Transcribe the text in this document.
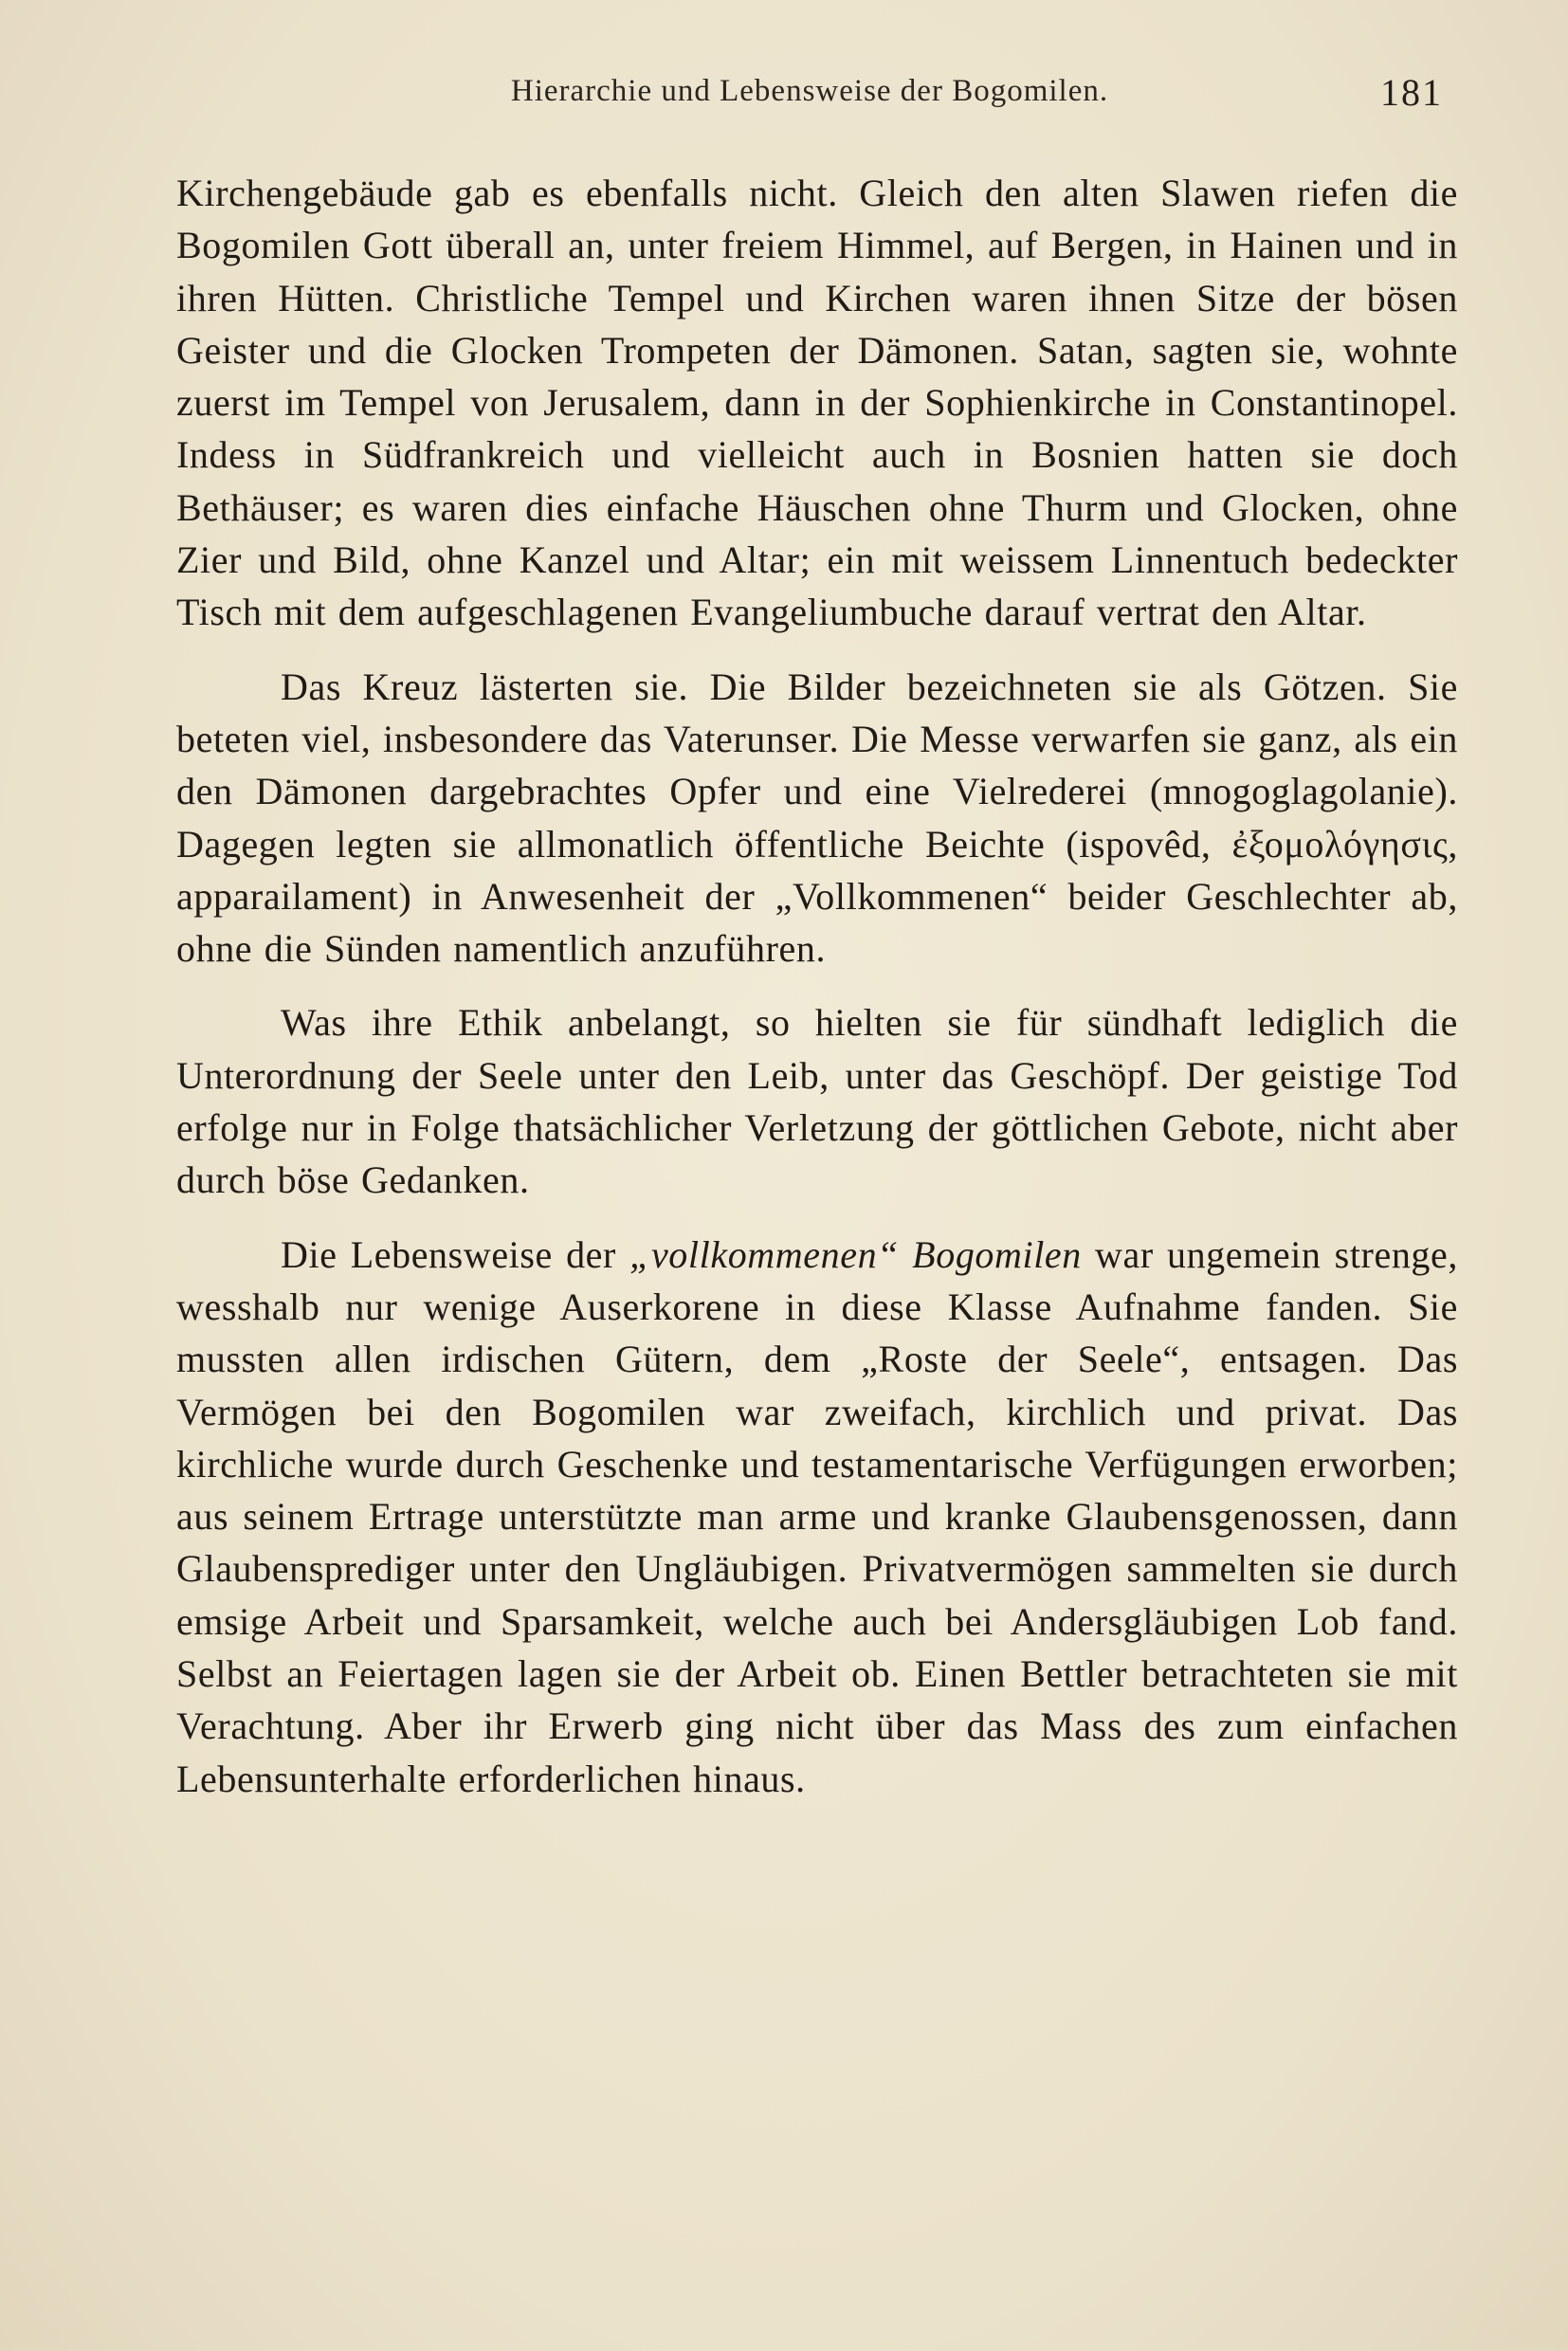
Hierarchie und Lebensweise der Bogomilen.	181

Kirchengebäude gab es ebenfalls nicht. Gleich den alten Slawen riefen die Bogomilen Gott überall an, unter freiem Himmel, auf Bergen, in Hainen und in ihren Hütten. Christliche Tempel und Kirchen waren ihnen Sitze der bösen Geister und die Glocken Trompeten der Dämonen. Satan, sagten sie, wohnte zuerst im Tempel von Jerusalem, dann in der Sophienkirche in Constantinopel. Indess in Südfrankreich und vielleicht auch in Bosnien hatten sie doch Bethäuser; es waren dies einfache Häuschen ohne Thurm und Glocken, ohne Zier und Bild, ohne Kanzel und Altar; ein mit weissem Linnentuch bedeckter Tisch mit dem aufgeschlagenen Evangeliumbuche darauf vertrat den Altar.

Das Kreuz lästerten sie. Die Bilder bezeichneten sie als Götzen. Sie beteten viel, insbesondere das Vaterunser. Die Messe verwarfen sie ganz, als ein den Dämonen dargebrachtes Opfer und eine Vielrederei (mnogoglagolanie). Dagegen legten sie allmonatlich öffentliche Beichte (ispovêd, ἐξομολόγησις, apparailament) in Anwesenheit der „Vollkommenen“ beider Geschlechter ab, ohne die Sünden namentlich anzuführen.

Was ihre Ethik anbelangt, so hielten sie für sündhaft lediglich die Unterordnung der Seele unter den Leib, unter das Geschöpf. Der geistige Tod erfolge nur in Folge thatsächlicher Verletzung der göttlichen Gebote, nicht aber durch böse Gedanken.

Die Lebensweise der „vollkommenen“ Bogomilen war ungemein strenge, wesshalb nur wenige Auserkorene in diese Klasse Aufnahme fanden. Sie mussten allen irdischen Gütern, dem „Roste der Seele“, entsagen. Das Vermögen bei den Bogomilen war zweifach, kirchlich und privat. Das kirchliche wurde durch Geschenke und testamentarische Verfügungen erworben; aus seinem Ertrage unterstützte man arme und kranke Glaubensgenossen, dann Glaubensprediger unter den Ungläubigen. Privatvermögen sammelten sie durch emsige Arbeit und Sparsamkeit, welche auch bei Andersgläubigen Lob fand. Selbst an Feiertagen lagen sie der Arbeit ob. Einen Bettler betrachteten sie mit Verachtung. Aber ihr Erwerb ging nicht über das Mass des zum einfachen Lebensunterhalte erforderlichen hinaus.
